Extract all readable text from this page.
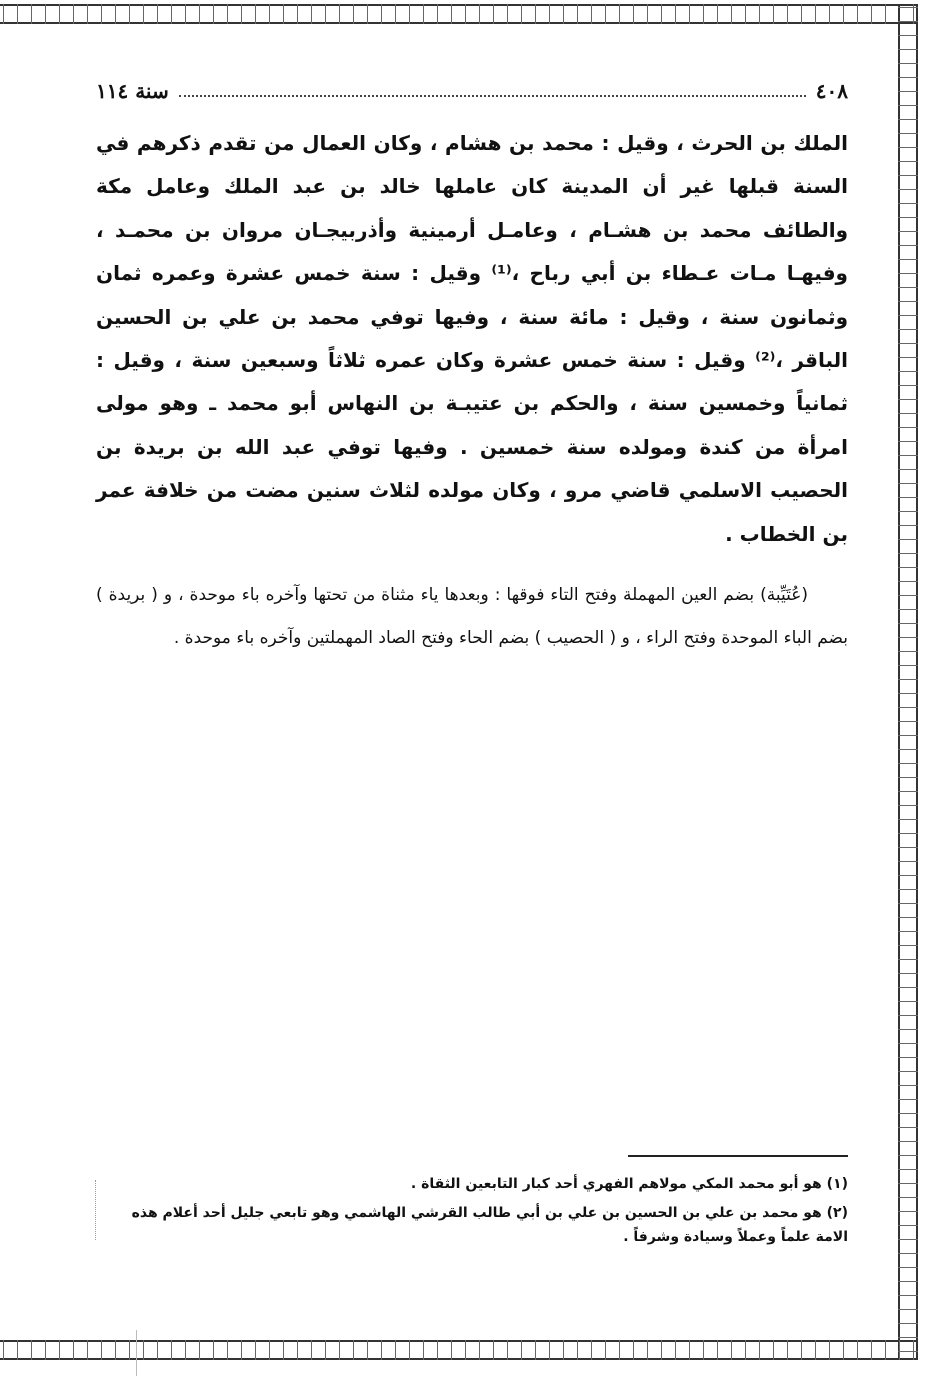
٤٠٨
سنة ١١٤

الملك بن الحرث ، وقيل : محمد بن هشام ، وكان العمال من تقدم ذكرهم في السنة قبلها غير أن المدينة كان عاملها خالد بن عبد الملك وعامل مكة والطائف محمد بن هشـام ، وعامـل أرمينية وأذربيجـان مروان بن محمـد ، وفيهـا مـات عـطاء بن أبي رباح ،⁽¹⁾ وقيل : سنة خمس عشرة وعمره ثمان وثمانون سنة ، وقيل : مائة سنة ، وفيها توفي محمد بن علي بن الحسين الباقر ،⁽²⁾ وقيل : سنة خمس عشرة وكان عمره ثلاثاً وسبعين سنة ، وقيل : ثمانياً وخمسين سنة ، والحكم بن عتيبـة بن النهاس أبو محمد ـ وهو مولى امرأة من كندة ومولده سنة خمسين . وفيها توفي عبد الله بن بريدة بن الحصيب الاسلمي قاضي مرو ، وكان مولده لثلاث سنين مضت من خلافة عمر بن الخطاب .

(عُتَيِّبة) بضم العين المهملة وفتح التاء فوقها : وبعدها ياء مثناة من تحتها وآخره باء موحدة ، و ( بريدة ) بضم الباء الموحدة وفتح الراء ، و ( الحصيب ) بضم الحاء وفتح الصاد المهملتين وآخره باء موحدة .

(١) هو أبو محمد المكي مولاهم الفهري أحد كبار التابعين الثقاة .

(٢) هو محمد بن علي بن الحسين بن علي بن أبي طالب القرشي الهاشمي وهو تابعي جليل أحد أعلام هذه الامة علماً وعملاً وسيادة وشرفاً .
